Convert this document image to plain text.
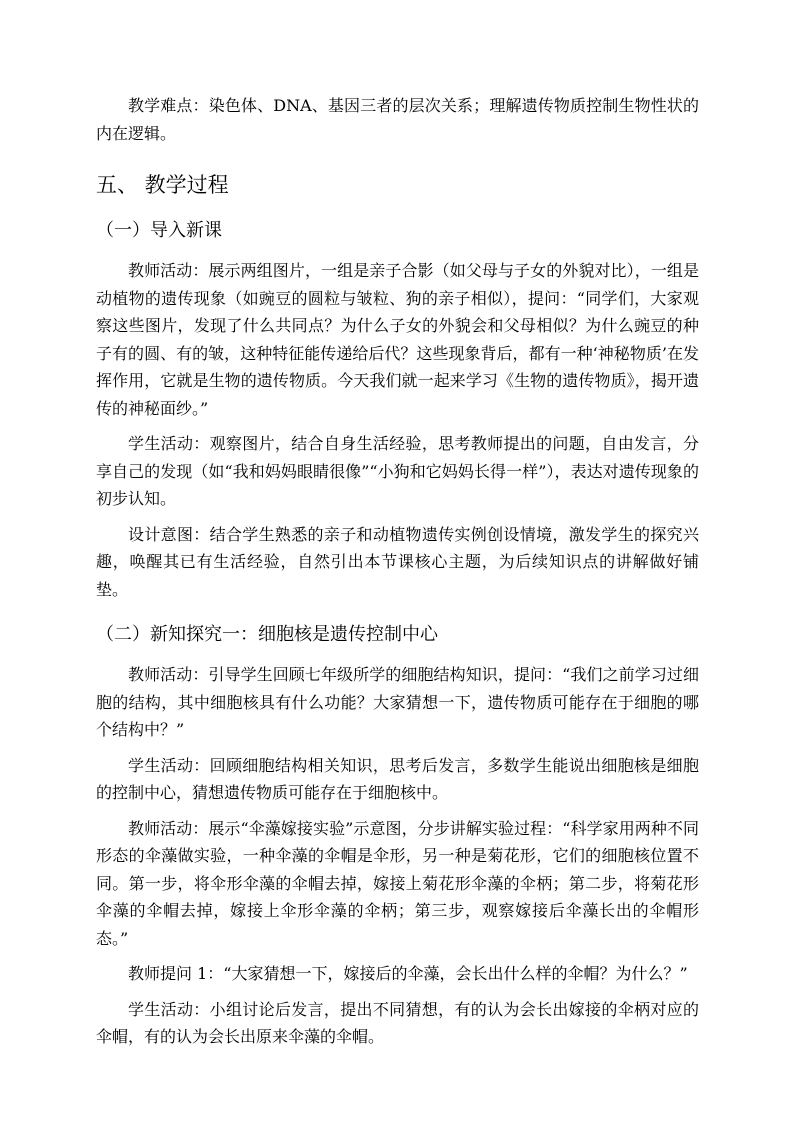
教学难点：染色体、DNA、基因三者的层次关系；理解遗传物质控制生物性状的内在逻辑。

五、 教学过程
（一）导入新课

教师活动：展示两组图片，一组是亲子合影（如父母与子女的外貌对比），一组是动植物的遗传现象（如豌豆的圆粒与皱粒、狗的亲子相似），提问：“同学们，大家观察这些图片，发现了什么共同点？为什么子女的外貌会和父母相似？为什么豌豆的种子有的圆、有的皱，这种特征能传递给后代？这些现象背后，都有一种‘神秘物质’在发挥作用，它就是生物的遗传物质。今天我们就一起来学习《生物的遗传物质》，揭开遗传的神秘面纱。”

学生活动：观察图片，结合自身生活经验，思考教师提出的问题，自由发言，分享自己的发现（如“我和妈妈眼睛很像”“小狗和它妈妈长得一样”），表达对遗传现象的初步认知。

设计意图：结合学生熟悉的亲子和动植物遗传实例创设情境，激发学生的探究兴趣，唤醒其已有生活经验，自然引出本节课核心主题，为后续知识点的讲解做好铺垫。

（二）新知探究一：细胞核是遗传控制中心

教师活动：引导学生回顾七年级所学的细胞结构知识，提问：“我们之前学习过细胞的结构，其中细胞核具有什么功能？大家猜想一下，遗传物质可能存在于细胞的哪个结构中？”

学生活动：回顾细胞结构相关知识，思考后发言，多数学生能说出细胞核是细胞的控制中心，猜想遗传物质可能存在于细胞核中。

教师活动：展示“伞藻嫁接实验”示意图，分步讲解实验过程：“科学家用两种不同形态的伞藻做实验，一种伞藻的伞帽是伞形，另一种是菊花形，它们的细胞核位置不同。第一步，将伞形伞藻的伞帽去掉，嫁接上菊花形伞藻的伞柄；第二步，将菊花形伞藻的伞帽去掉，嫁接上伞形伞藻的伞柄；第三步，观察嫁接后伞藻长出的伞帽形态。”

教师提问 1：“大家猜想一下，嫁接后的伞藻，会长出什么样的伞帽？为什么？”

学生活动：小组讨论后发言，提出不同猜想，有的认为会长出嫁接的伞柄对应的伞帽，有的认为会长出原来伞藻的伞帽。
